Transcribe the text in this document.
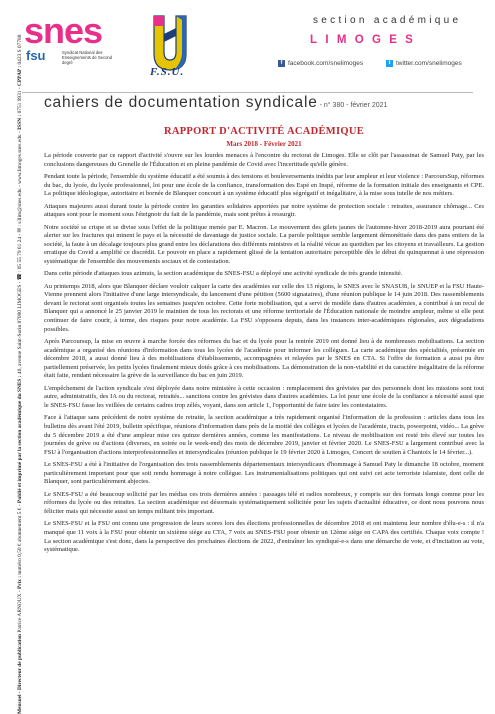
snes
fsu	Syndicat National des Enseignements de Second degré
F.S.U.
section académique
LIMOGES
f facebook.com/snelimoges	t twitter.com/snelimoges
cahiers de documentation syndicale - n° 380 - février 2021
Mensuel - Directeur de publication Patrice ARNOUX - Prix : numéro 0,50 € abonnement 5 € - Publié et imprimé par la section académique du SNES : 40, avenue Saint-Surin 87000 LIMOGES - ☎ : 05 55 79 61 24 - ✉ : s3lim@snes.edu - www.limoges.snes.edu - ISSN : 0751 9931 - CPPAP : 0423 S 07788
RAPPORT D'ACTIVITÉ ACADÉMIQUE
Mars 2018 - Février 2021

La période couverte par ce rapport d'activité s'ouvre sur les lourdes menaces à l'encontre du rectorat de Limoges. Elle se clôt par l'assassinat de Samuel Paty, par les conclusions dangereuses du Grenelle de l'Éducation et en pleine pandémie de Covid avec l'incertitude qu'elle génère.

Pendant toute la période, l'ensemble du système éducatif a été soumis à des tensions et bouleversements inédits par leur ampleur et leur violence : ParcoursSup, réformes du bac, du lycée, du lycée professionnel, loi pour une école de la confiance, transformation des Espé en Inspé, réforme de la formation initiale des enseignants et CPE. La politique idéologique, autoritaire et bornée de Blanquer concourt à un système éducatif plus ségrégatif et inégalitaire, à la mise sous tutelle de nos métiers.

Attaques majeures aussi durant toute la période contre les garanties solidaires apportées par notre système de protection sociale : retraites, assurance chômage... Ces attaques sont pour le moment sous l'éteignoir du fait de la pandémie, mais sont prêtes à ressurgir.

Notre société se crispe et se divise sous l'effet de la politique menée par E. Macron. Le mouvement des gilets jaunes de l'automne-hiver 2018-2019 aura pourtant été alerter sur les fractures qui minent le pays et la nécessité de davantage de justice sociale. La parole politique semble largement démonétisée dans des pans entiers de la société, la faute à un décalage toujours plus grand entre les déclarations des différents ministres et la réalité vécue au quotidien par les citoyens et travailleurs. La gestion erratique du Covid a amplifié ce discrédit. Le pouvoir en place a rapidement glissé de la tentation autoritaire perceptible dès le début du quinquennat à une répression systématique de l'ensemble des mouvements sociaux et de contestation.

Dans cette période d'attaques tous azimuts, la section académique du SNES-FSU a déployé une activité syndicale de très grande intensité.

Au printemps 2018, alors que Blanquer déclare vouloir calquer la carte des académies sur celle des 13 régions, le SNES avec le SNASUB, le SNUEP et la FSU Haute-Vienne prennent alors l'initiative d'une large intersyndicale, du lancement d'une pétition (5600 signataires), d'une réunion publique le 14 juin 2018. Des rassemblements devant le rectorat sont organisés toutes les semaines jusqu'en octobre. Cette forte mobilisation, qui a servi de modèle dans d'autres académies, a contribué à un recul de Blanquer qui a annoncé le 25 janvier 2019 le maintien de tous les rectorats et une réforme territoriale de l'Éducation nationale de moindre ampleur, même si elle peut continuer de faire courir, à terme, des risques pour notre académie. La FSU s'opposera depuis, dans les instances inter-académiques régionales, aux dégradations possibles.

Après Parcoursup, la mise en œuvre à marche forcée des réformes du bac et du lycée pour la rentrée 2019 ont donné lieu à de nombreuses mobilisations. La section académique a organisé des réunions d'information dans tous les lycées de l'académie pour informer les collègues. La carte académique des spécialités, présentée en décembre 2018, a aussi donné lieu à des mobilisations d'établissements, accompagnées et relayées par le SNES en CTA. Si l'offre de formation a aussi pu être partiellement préservée, les petits lycées finalement mieux dotés grâce à ces mobilisations. La démonstration de la non-viabilité et du caractère inégalitaire de la réforme était faite, rendant nécessaire la grève de la surveillance du bac en juin 2019.

L'empêchement de l'action syndicale s'est déployée dans notre ministère à cette occasion : remplacement des grévistes par des personnels dont les missions sont tout autre, administratifs, des IA ou du rectorat, retraités... sanctions contre les grévistes dans d'autres académies. La loi pour une école de la confiance a nécessité aussi que le SNES-FSU fasse les veillées de certains cadres trop zélés, voyant, dans son article 1, l'opportunité de faire taire les contestataires.

Face à l'attaque sans précédent de notre système de retraite, la section académique a très rapidement organisé l'information de la profession : articles dans tous les bulletins dès avant l'été 2019, bulletin spécifique, réunions d'information dans près de la moitié des collèges et lycées de l'académie, tracts, powerpoint, vidéo... La grève du 5 décembre 2019 a été d'une ampleur mise ces quinze dernières années, comme les manifestations. Le niveau de mobilisation est resté très élevé sur toutes les journées de grève ou d'actions (diverses, en soirée ou le week-end) des mois de décembre 2019, janvier et février 2020. Le SNES-FSU a largement contribué avec la FSU à l'organisation d'actions interprofessionnelles et intersyndicales (réunion publique le 19 février 2020 à Limoges, Concert de soutien à Chantoix le 14 février...).

Le SNES-FSU a été à l'initiative de l'organisation des trois rassemblements départementaux intersyndicaux d'hommage à Samuel Paty le dimanche 18 octobre, moment particulièrement important pour que soit rendu hommage à notre collègue. Les instrumentalisations politiques qui ont suivi cet acte terroriste islamiste, dont celle de Blanquer, sont particulièrement abjectes.

Le SNES-FSU a été beaucoup sollicité par les médias ces trois dernières années : passages télé et radios nombreux, y compris sur des formats longs comme pour les réformes du lycée ou des retraites. La section académique est désormais systématiquement sollicitée pour les sujets d'actualité éducative, ce dont nous pouvons nous féliciter mais qui nécessite aussi un temps militant très important.

Le SNES-FSU et la FSU ont connu une progression de leurs scores lors des élections professionnelles de décembre 2018 et ont maintenu leur nombre d'élu-e-s : il n'a manqué que 11 voix à la FSU pour obtenir un sixième siège au CTA, 7 voix au SNES-FSU pour obtenir un 12ème siège en CAPA des certifiés. Chaque voix compte ! La section académique s'est donc, dans la perspective des prochaines élections de 2022, d'entraîner les syndiqué-e-s dans une démarche de vote, et d'incitation au vote, systématique.
